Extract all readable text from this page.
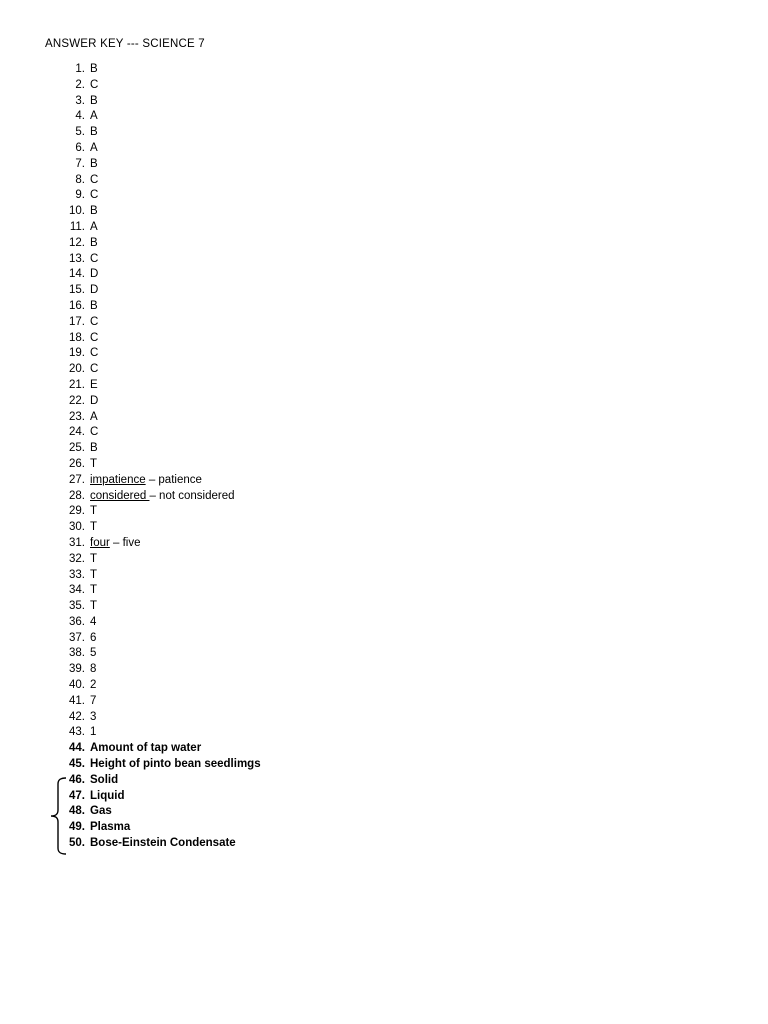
ANSWER KEY --- SCIENCE 7
1. B
2. C
3. B
4. A
5. B
6. A
7. B
8. C
9. C
10. B
11. A
12. B
13. C
14. D
15. D
16. B
17. C
18. C
19. C
20. C
21. E
22. D
23. A
24. C
25. B
26. T
27. impatience – patience
28. considered – not considered
29. T
30. T
31. four – five
32. T
33. T
34. T
35. T
36. 4
37. 6
38. 5
39. 8
40. 2
41. 7
42. 3
43. 1
44. Amount of tap water
45. Height of pinto bean seedlimgs
46. Solid
47. Liquid
48. Gas
49. Plasma
50. Bose-Einstein Condensate
